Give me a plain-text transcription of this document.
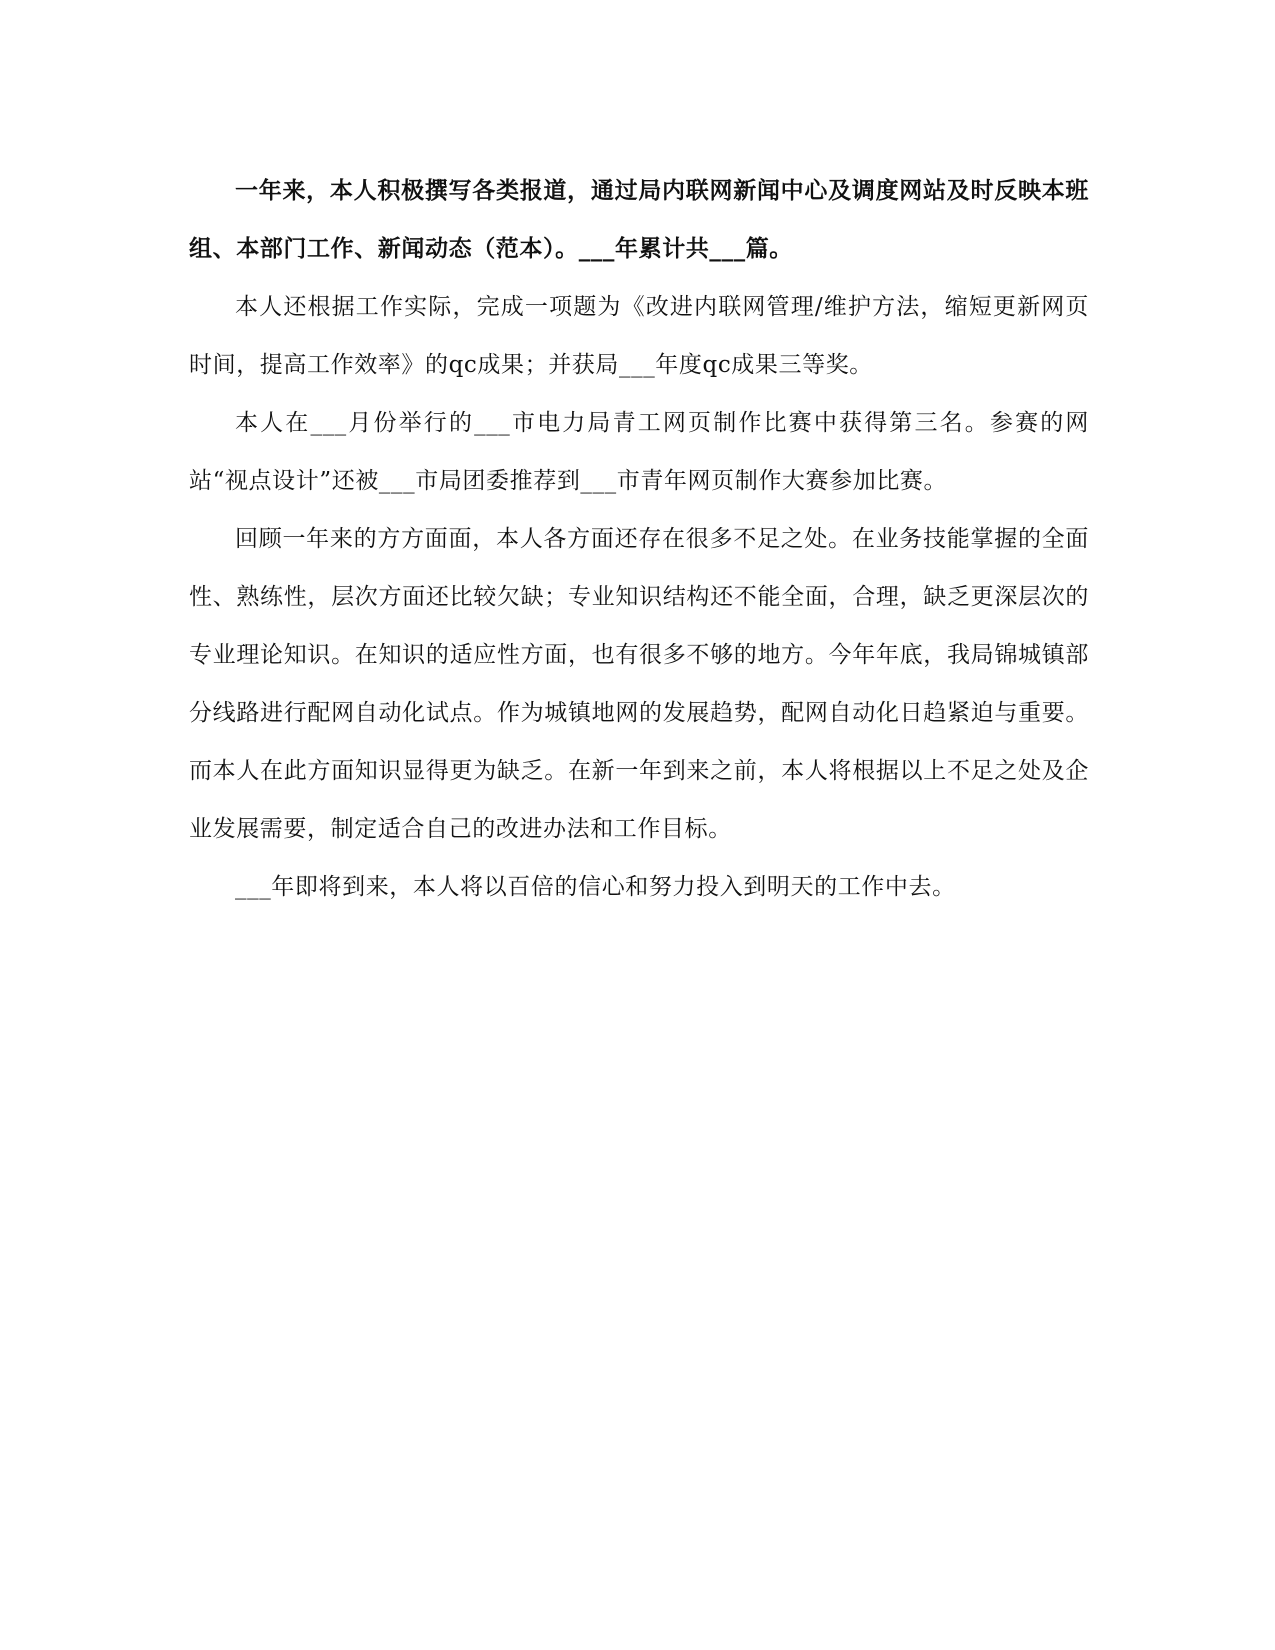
一年来，本人积极撰写各类报道，通过局内联网新闻中心及调度网站及时反映本班组、本部门工作、新闻动态（范本）。___年累计共___篇。

本人还根据工作实际，完成一项题为《改进内联网管理/维护方法，缩短更新网页时间，提高工作效率》的qc成果；并获局___年度qc成果三等奖。

本人在___月份举行的___市电力局青工网页制作比赛中获得第三名。参赛的网站“视点设计”还被___市局团委推荐到___市青年网页制作大赛参加比赛。

回顾一年来的方方面面，本人各方面还存在很多不足之处。在业务技能掌握的全面性、熟练性，层次方面还比较欠缺；专业知识结构还不能全面，合理，缺乏更深层次的专业理论知识。在知识的适应性方面，也有很多不够的地方。今年年底，我局锦城镇部分线路进行配网自动化试点。作为城镇地网的发展趋势，配网自动化日趋紧迫与重要。而本人在此方面知识显得更为缺乏。在新一年到来之前，本人将根据以上不足之处及企业发展需要，制定适合自己的改进办法和工作目标。

___年即将到来，本人将以百倍的信心和努力投入到明天的工作中去。
